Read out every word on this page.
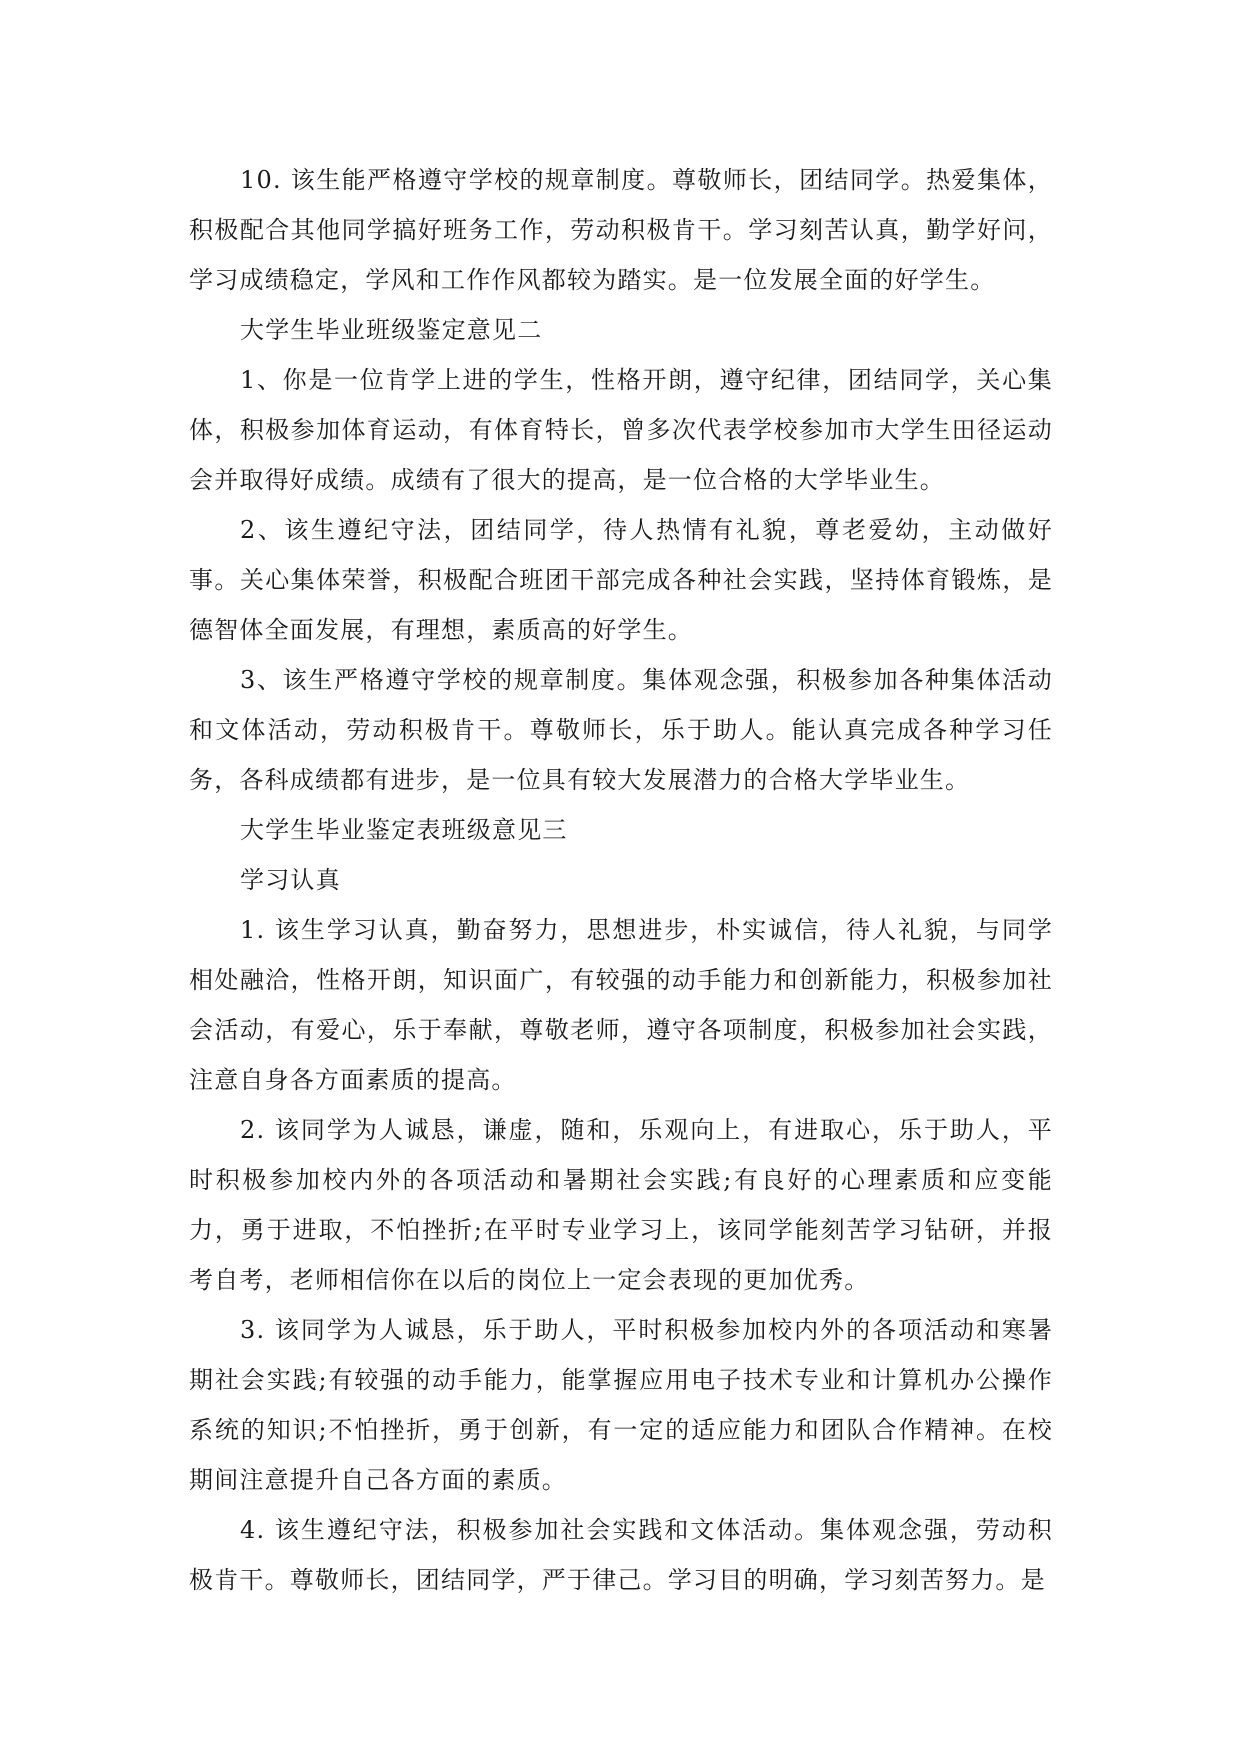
10. 该生能严格遵守学校的规章制度。尊敬师长，团结同学。热爱集体，积极配合其他同学搞好班务工作，劳动积极肯干。学习刻苦认真，勤学好问，学习成绩稳定，学风和工作作风都较为踏实。是一位发展全面的好学生。

大学生毕业班级鉴定意见二

1、你是一位肯学上进的学生，性格开朗，遵守纪律，团结同学，关心集体，积极参加体育运动，有体育特长，曾多次代表学校参加市大学生田径运动会并取得好成绩。成绩有了很大的提高，是一位合格的大学毕业生。

2、该生遵纪守法，团结同学，待人热情有礼貌，尊老爱幼，主动做好事。关心集体荣誉，积极配合班团干部完成各种社会实践，坚持体育锻炼，是德智体全面发展，有理想，素质高的好学生。

3、该生严格遵守学校的规章制度。集体观念强，积极参加各种集体活动和文体活动，劳动积极肯干。尊敬师长，乐于助人。能认真完成各种学习任务，各科成绩都有进步，是一位具有较大发展潜力的合格大学毕业生。

大学生毕业鉴定表班级意见三

学习认真

1. 该生学习认真，勤奋努力，思想进步，朴实诚信，待人礼貌，与同学相处融洽，性格开朗，知识面广，有较强的动手能力和创新能力，积极参加社会活动，有爱心，乐于奉献，尊敬老师，遵守各项制度，积极参加社会实践，注意自身各方面素质的提高。

2. 该同学为人诚恳，谦虚，随和，乐观向上，有进取心，乐于助人，平时积极参加校内外的各项活动和暑期社会实践;有良好的心理素质和应变能力，勇于进取，不怕挫折;在平时专业学习上，该同学能刻苦学习钻研，并报考自考，老师相信你在以后的岗位上一定会表现的更加优秀。

3. 该同学为人诚恳，乐于助人，平时积极参加校内外的各项活动和寒暑期社会实践;有较强的动手能力，能掌握应用电子技术专业和计算机办公操作系统的知识;不怕挫折，勇于创新，有一定的适应能力和团队合作精神。在校期间注意提升自己各方面的素质。

4. 该生遵纪守法，积极参加社会实践和文体活动。集体观念强，劳动积极肯干。尊敬师长，团结同学，严于律己。学习目的明确，学习刻苦努力。是
